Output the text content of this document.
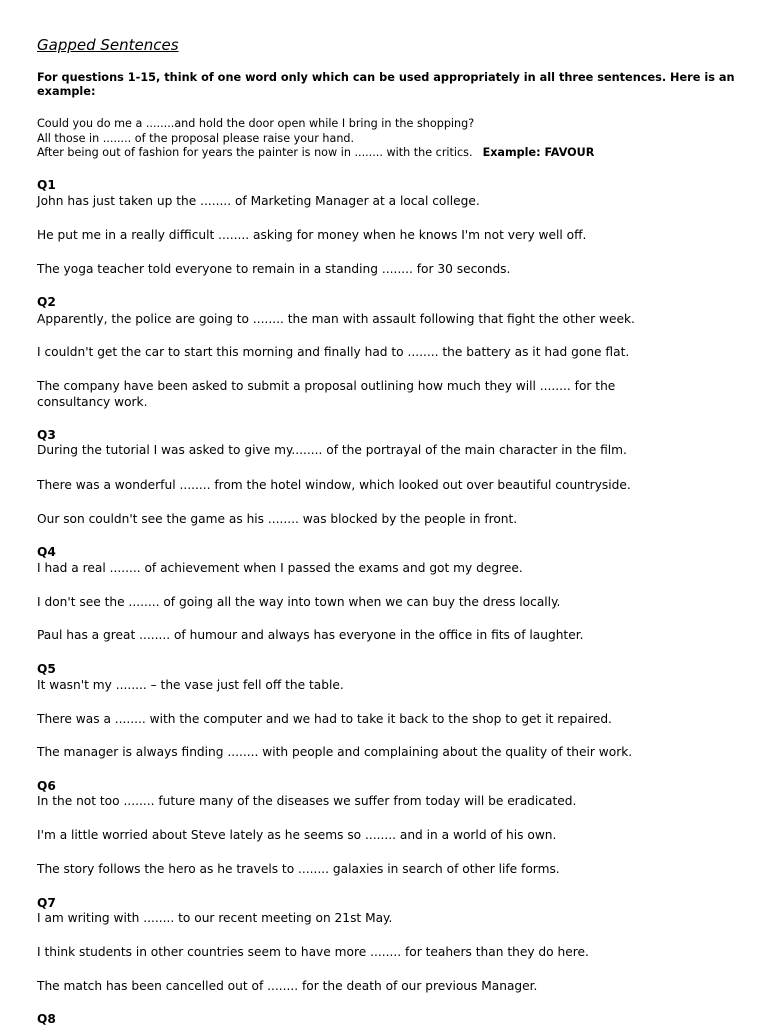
Gapped Sentences
For questions 1-15, think of one word only which can be used appropriately in all three sentences. Here is an example:
Could you do me a ........and hold the door open while I bring in the shopping?
All those in ........ of the proposal please raise your hand.
After being out of fashion for years the painter is now in ........ with the critics. Example: FAVOUR
Q1
John has just taken up the ........ of Marketing Manager at a local college.
He put me in a really difficult ........ asking for money when he knows I'm not very well off.
The yoga teacher told everyone to remain in a standing ........ for 30 seconds.
Q2
Apparently, the police are going to ........ the man with assault following that fight the other week.
I couldn't get the car to start this morning and finally had to ........ the battery as it had gone flat.
The company have been asked to submit a proposal outlining how much they will ........ for the consultancy work.
Q3
During the tutorial I was asked to give my........ of the portrayal of the main character in the film.
There was a wonderful ........ from the hotel window, which looked out over beautiful countryside.
Our son couldn't see the game as his ........ was blocked by the people in front.
Q4
I had a real ........ of achievement when I passed the exams and got my degree.
I don't see the ........ of going all the way into town when we can buy the dress locally.
Paul has a great ........ of humour and always has everyone in the office in fits of laughter.
Q5
It wasn't my ........ – the vase just fell off the table.
There was a ........ with the computer and we had to take it back to the shop to get it repaired.
The manager is always finding ........ with people and complaining about the quality of their work.
Q6
In the not too ........ future many of the diseases we suffer from today will be eradicated.
I'm a little worried about Steve lately as he seems so ........ and in a world of his own.
The story follows the hero as he travels to ........ galaxies in search of other life forms.
Q7
I am writing with ........ to our recent meeting on 21st May.
I think students in other countries seem to have more ........ for teahers than they do here.
The match has been cancelled out of ........ for the death of our previous Manager.
Q8
